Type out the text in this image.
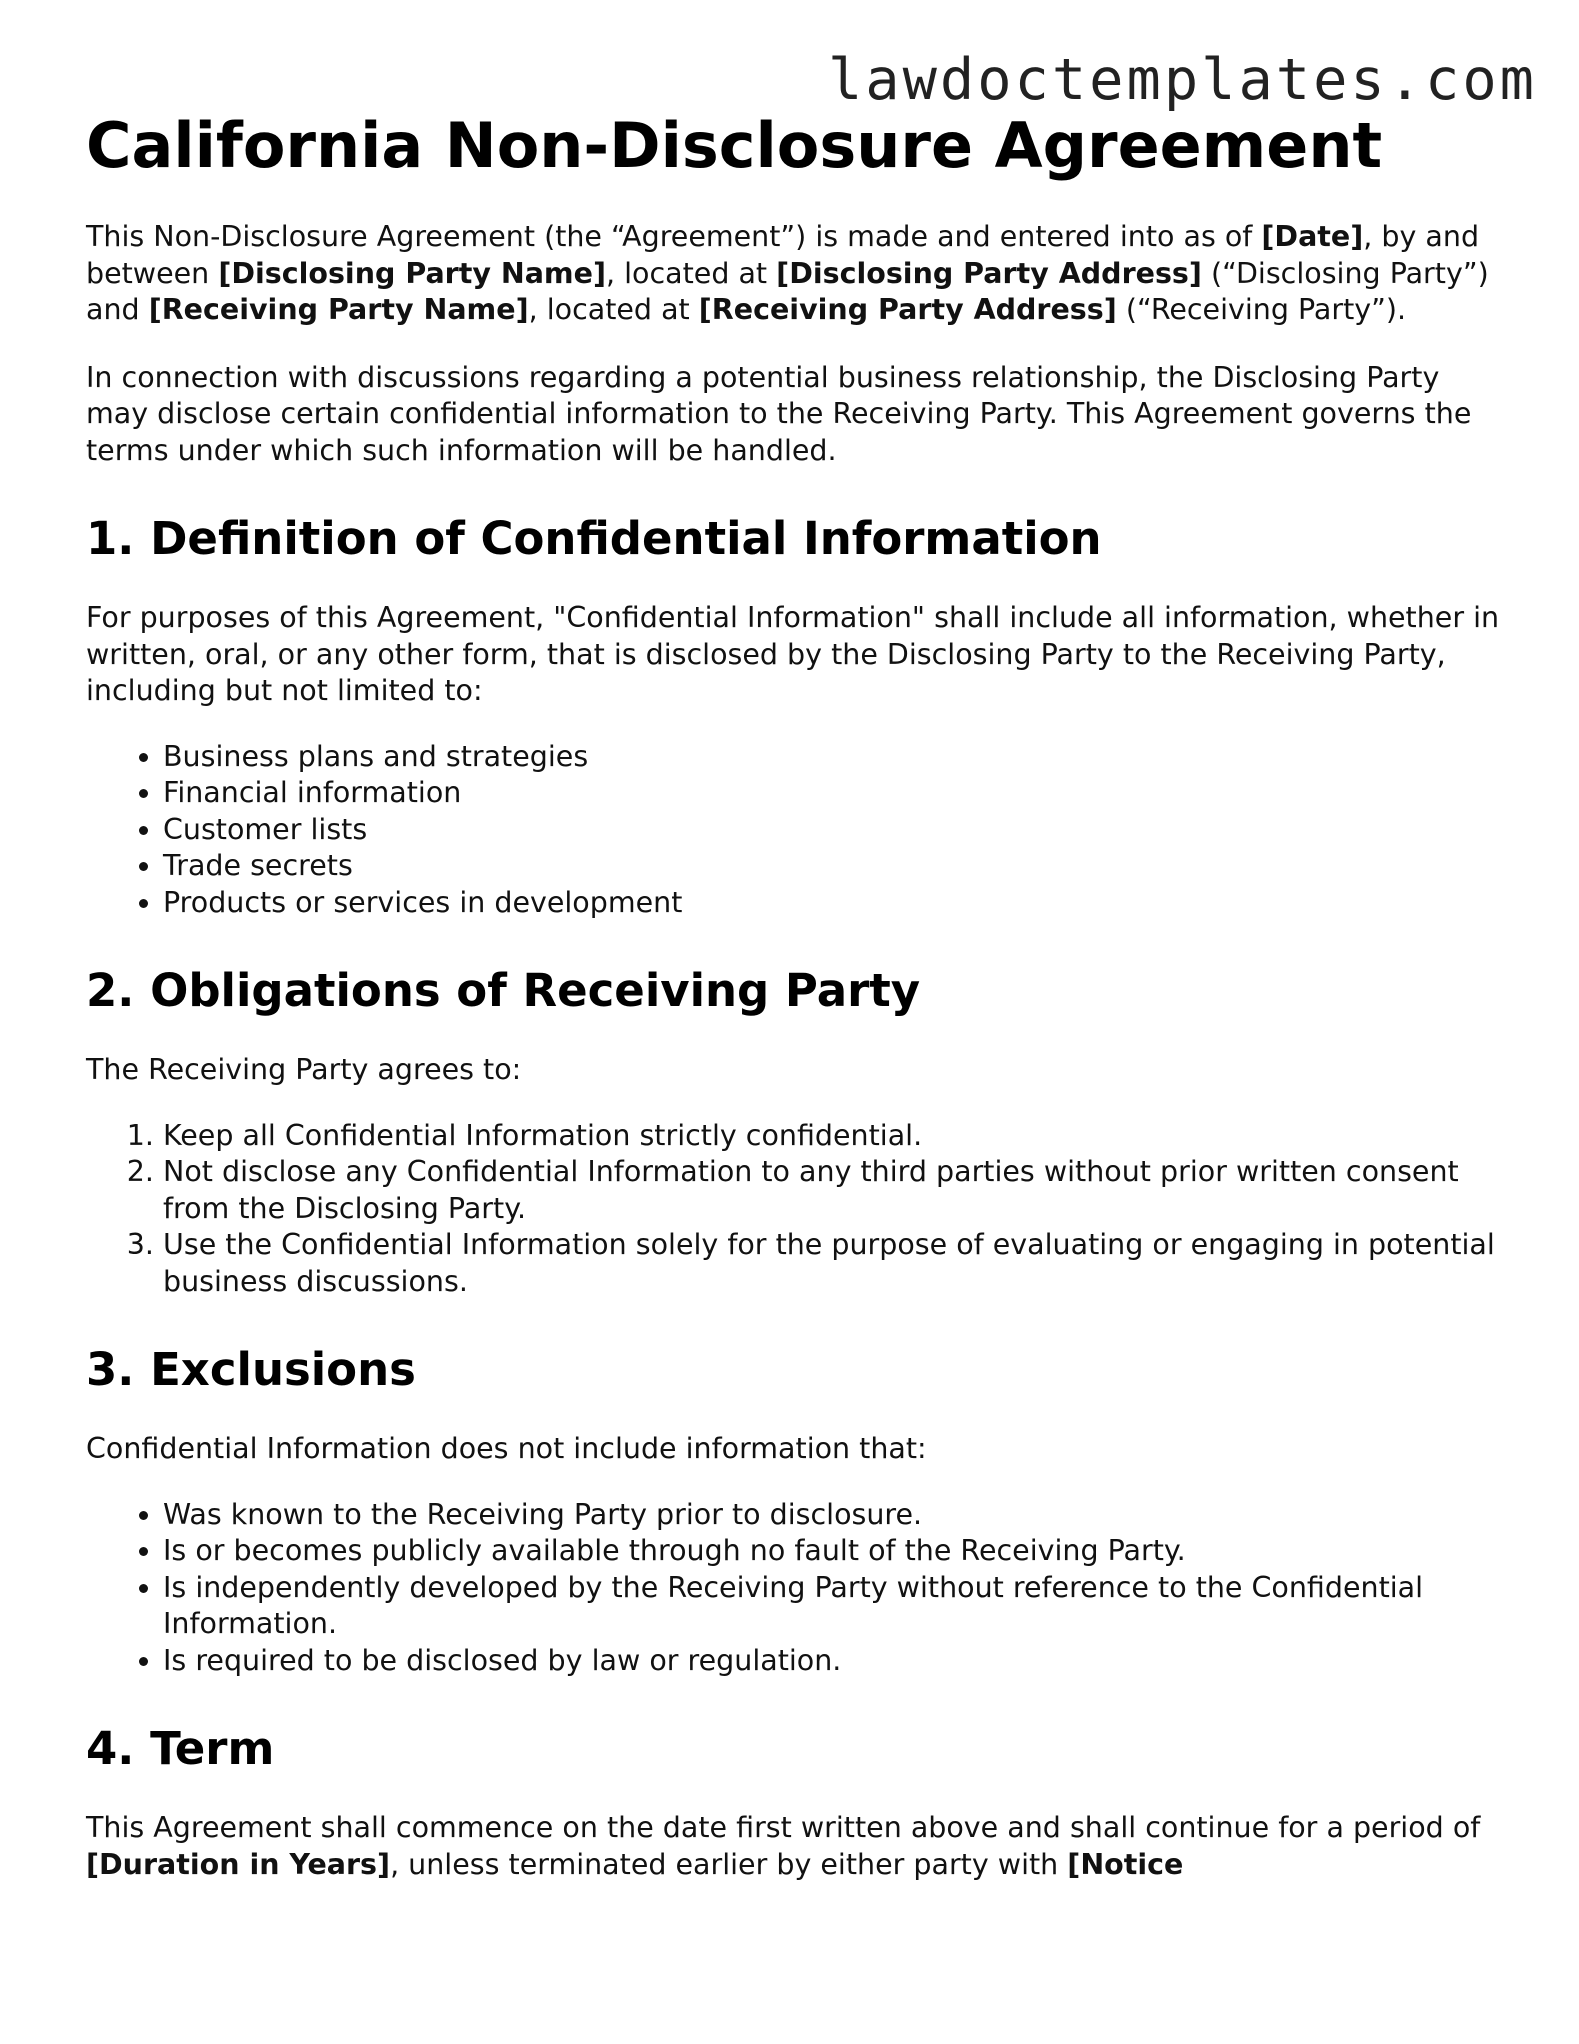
lawdoctemplates.com
California Non-Disclosure Agreement

This Non-Disclosure Agreement (the “Agreement”) is made and entered into as of [Date], by and between [Disclosing Party Name], located at [Disclosing Party Address] (“Disclosing Party”) and [Receiving Party Name], located at [Receiving Party Address] (“Receiving Party”).

In connection with discussions regarding a potential business relationship, the Disclosing Party may disclose certain confidential information to the Receiving Party. This Agreement governs the terms under which such information will be handled.

1. Definition of Confidential Information

For purposes of this Agreement, "Confidential Information" shall include all information, whether in written, oral, or any other form, that is disclosed by the Disclosing Party to the Receiving Party, including but not limited to:

• Business plans and strategies
• Financial information
• Customer lists
• Trade secrets
• Products or services in development
2. Obligations of Receiving Party

The Receiving Party agrees to:

1. Keep all Confidential Information strictly confidential.
2. Not disclose any Confidential Information to any third parties without prior written consent from the Disclosing Party.
3. Use the Confidential Information solely for the purpose of evaluating or engaging in potential business discussions.
3. Exclusions

Confidential Information does not include information that:

• Was known to the Receiving Party prior to disclosure.
• Is or becomes publicly available through no fault of the Receiving Party.
• Is independently developed by the Receiving Party without reference to the Confidential Information.
• Is required to be disclosed by law or regulation.
4. Term

This Agreement shall commence on the date first written above and shall continue for a period of [Duration in Years], unless terminated earlier by either party with [Notice
